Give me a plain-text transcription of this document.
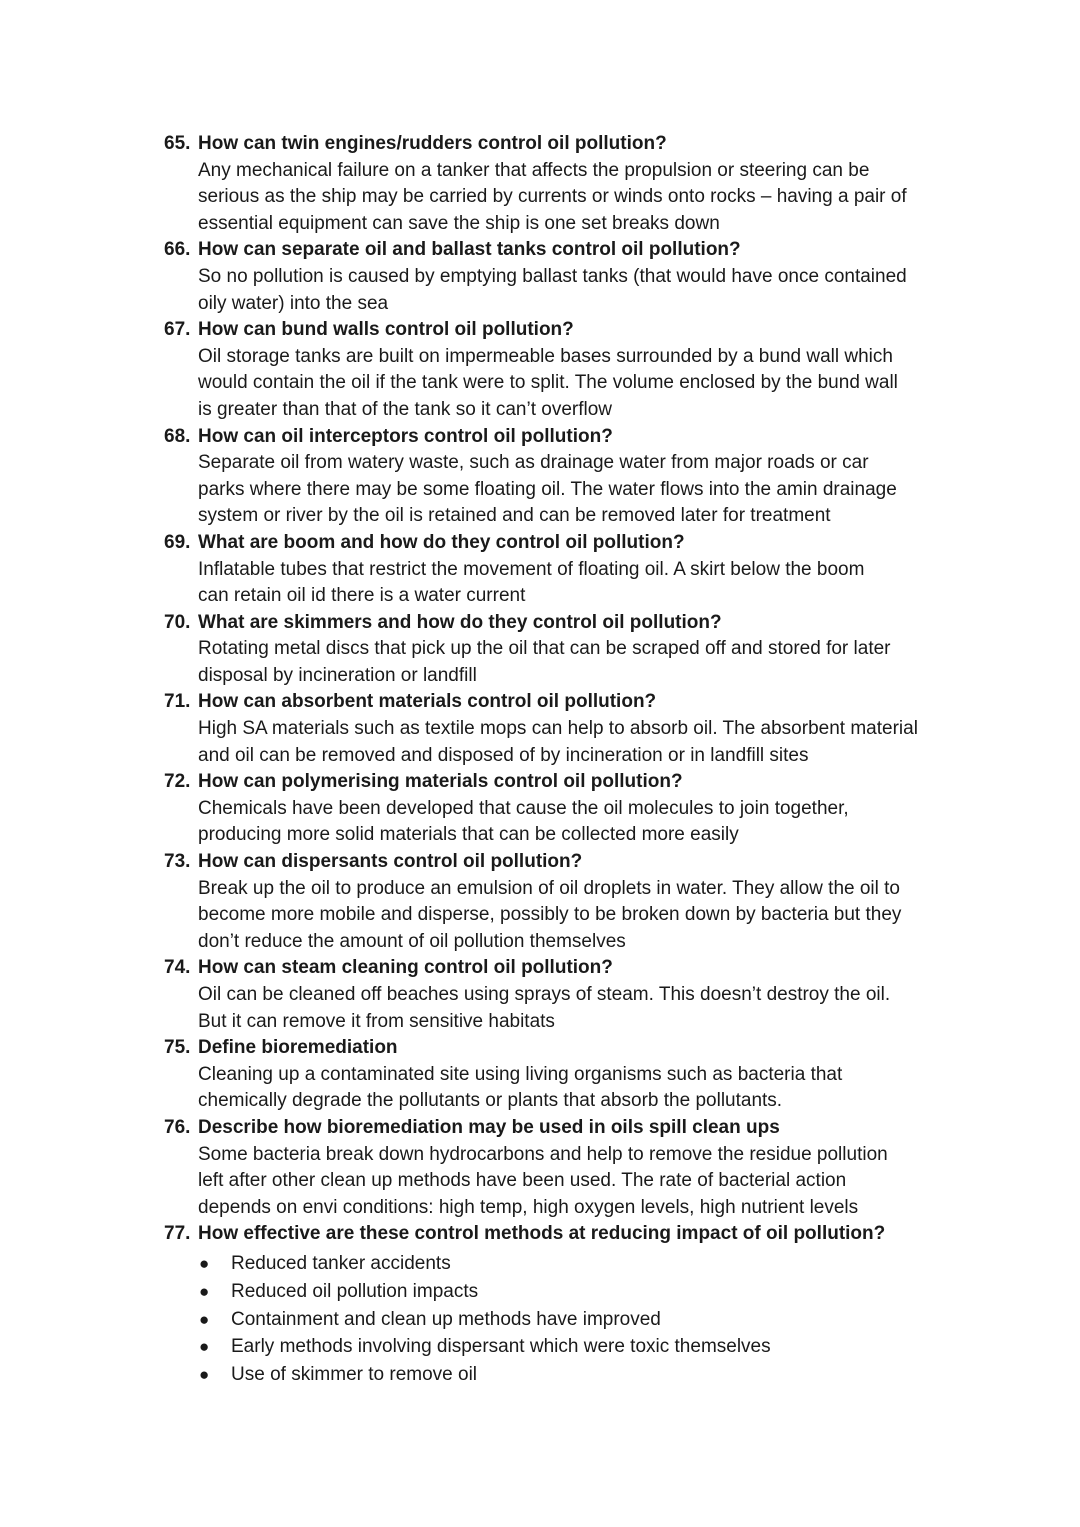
65. How can twin engines/rudders control oil pollution?
Any mechanical failure on a tanker that affects the propulsion or steering can be
serious as the ship may be carried by currents or winds onto rocks – having a pair of
essential equipment can save the ship is one set breaks down
66. How can separate oil and ballast tanks control oil pollution?
So no pollution is caused by emptying ballast tanks (that would have once contained
oily water) into the sea
67. How can bund walls control oil pollution?
Oil storage tanks are built on impermeable bases surrounded by a bund wall which
would contain the oil if the tank were to split. The volume enclosed by the bund wall
is greater than that of the tank so it can’t overflow
68. How can oil interceptors control oil pollution?
Separate oil from watery waste, such as drainage water from major roads or car
parks where there may be some floating oil. The water flows into the amin drainage
system or river by the oil is retained and can be removed later for treatment
69. What are boom and how do they control oil pollution?
Inflatable tubes that restrict the movement of floating oil. A skirt below the boom
can retain oil id there is a water current
70. What are skimmers and how do they control oil pollution?
Rotating metal discs that pick up the oil that can be scraped off and stored for later
disposal by incineration or landfill
71. How can absorbent materials control oil pollution?
High SA materials such as textile mops can help to absorb oil. The absorbent material
and oil can be removed and disposed of by incineration or in landfill sites
72. How can polymerising materials control oil pollution?
Chemicals have been developed that cause the oil molecules to join together,
producing more solid materials that can be collected more easily
73. How can dispersants control oil pollution?
Break up the oil to produce an emulsion of oil droplets in water. They allow the oil to
become more mobile and disperse, possibly to be broken down by bacteria but they
don’t reduce the amount of oil pollution themselves
74. How can steam cleaning control oil pollution?
Oil can be cleaned off beaches using sprays of steam. This doesn’t destroy the oil.
But it can remove it from sensitive habitats
75. Define bioremediation
Cleaning up a contaminated site using living organisms such as bacteria that
chemically degrade the pollutants or plants that absorb the pollutants.
76. Describe how bioremediation may be used in oils spill clean ups
Some bacteria break down hydrocarbons and help to remove the residue pollution
left after other clean up methods have been used. The rate of bacterial action
depends on envi conditions: high temp, high oxygen levels, high nutrient levels
77. How effective are these control methods at reducing impact of oil pollution?
●	Reduced tanker accidents
●	Reduced oil pollution impacts
●	Containment and clean up methods have improved
●	Early methods involving dispersant which were toxic themselves
●	Use of skimmer to remove oil
